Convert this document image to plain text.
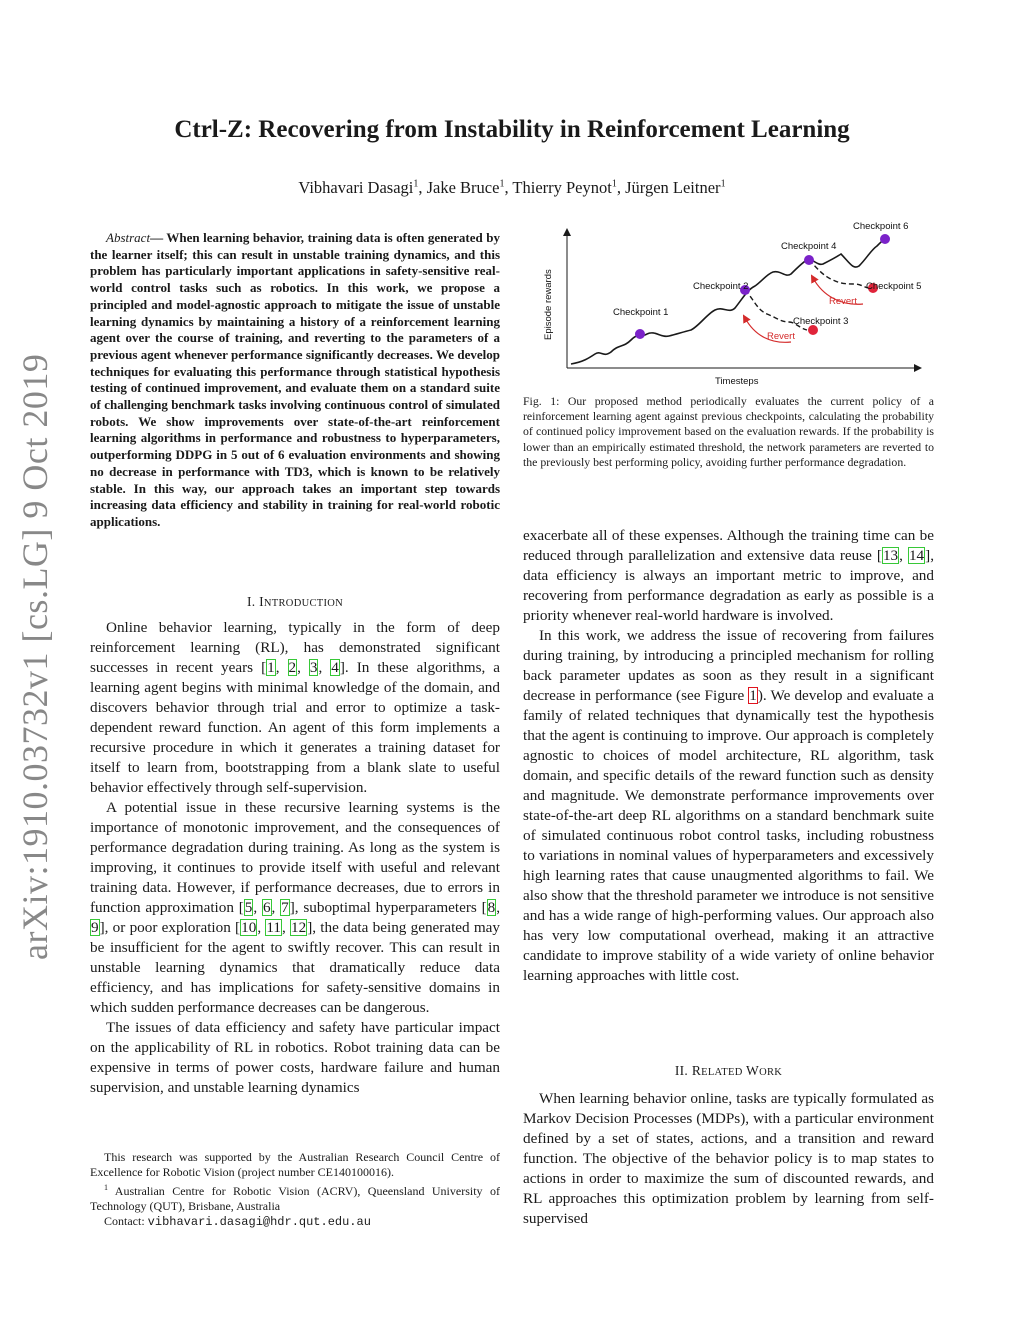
arXiv:1910.03732v1 [cs.LG] 9 Oct 2019
Ctrl-Z: Recovering from Instability in Reinforcement Learning
Vibhavari Dasagi$^1$, Jake Bruce$^1$, Thierry Peynot$^1$, Jürgen Leitner$^1$

Abstract— When learning behavior, training data is often generated by the learner itself; this can result in unstable training dynamics, and this problem has particularly important applications in safety-sensitive real-world control tasks such as robotics. In this work, we propose a principled and model-agnostic approach to mitigate the issue of unstable learning dynamics by maintaining a history of a reinforcement learning agent over the course of training, and reverting to the parameters of a previous agent whenever performance significantly decreases. We develop techniques for evaluating this performance through statistical hypothesis testing of continued improvement, and evaluate them on a standard suite of challenging benchmark tasks involving continuous control of simulated robots. We show improvements over state-of-the-art reinforcement learning algorithms in performance and robustness to hyperparameters, outperforming DDPG in 5 out of 6 evaluation environments and showing no decrease in performance with TD3, which is known to be relatively stable. In this way, our approach takes an important step towards increasing data efficiency and stability in training for real-world robotic applications.

I. INTRODUCTION

Online behavior learning, typically in the form of deep reinforcement learning (RL), has demonstrated significant successes in recent years [1, 2, 3, 4]. In these algorithms, a learning agent begins with minimal knowledge of the domain, and discovers behavior through trial and error to optimize a task-dependent reward function. An agent of this form implements a recursive procedure in which it generates a training dataset for itself to learn from, bootstrapping from a blank slate to useful behavior effectively through self-supervision.

A potential issue in these recursive learning systems is the importance of monotonic improvement, and the consequences of performance degradation during training. As long as the system is improving, it continues to provide itself with useful and relevant training data. However, if performance decreases, due to errors in function approximation [5, 6, 7], suboptimal hyperparameters [8, 9], or poor exploration [10, 11, 12], the data being generated may be insufficient for the agent to swiftly recover. This can result in unstable learning dynamics that dramatically reduce data efficiency, and has implications for safety-sensitive domains in which sudden performance decreases can be dangerous.

The issues of data efficiency and safety have particular impact on the applicability of RL in robotics. Robot training data can be expensive in terms of power costs, hardware failure and human supervision, and unstable learning dynamics

This research was supported by the Australian Research Council Centre of Excellence for Robotic Vision (project number CE140100016).

$^1$ Australian Centre for Robotic Vision (ACRV), Queensland University of Technology (QUT), Brisbane, Australia

Contact: vibhavari.dasagi@hdr.qut.edu.au

Episode rewards
Timesteps
Checkpoint 1
Checkpoint 2
Checkpoint 3
Checkpoint 4
Checkpoint 5
Checkpoint 6
Revert
Revert

Fig. 1: Our proposed method periodically evaluates the current policy of a reinforcement learning agent against previous checkpoints, calculating the probability of continued policy improvement based on the evaluation rewards. If the probability is lower than an empirically estimated threshold, the network parameters are reverted to the previously best performing policy, avoiding further performance degradation.

exacerbate all of these expenses. Although the training time can be reduced through parallelization and extensive data reuse [13, 14], data efficiency is always an important metric to improve, and recovering from performance degradation as early as possible is a priority whenever real-world hardware is involved.

In this work, we address the issue of recovering from failures during training, by introducing a principled mechanism for rolling back parameter updates as soon as they result in a significant decrease in performance (see Figure 1). We develop and evaluate a family of related techniques that dynamically test the hypothesis that the agent is continuing to improve. Our approach is completely agnostic to choices of model architecture, RL algorithm, task domain, and specific details of the reward function such as density and magnitude. We demonstrate performance improvements over state-of-the-art deep RL algorithms on a standard benchmark suite of simulated continuous robot control tasks, including robustness to variations in nominal values of hyperparameters and excessively high learning rates that cause unaugmented algorithms to fail. We also show that the threshold parameter we introduce is not sensitive and has a wide range of high-performing values. Our approach also has very low computational overhead, making it an attractive candidate to improve stability of a wide variety of online behavior learning approaches with little cost.

II. RELATED WORK

When learning behavior online, tasks are typically formulated as Markov Decision Processes (MDPs), with a particular environment defined by a set of states, actions, and a transition and reward function. The objective of the behavior policy is to map states to actions in order to maximize the sum of discounted rewards, and RL approaches this optimization problem by learning from self-supervised
